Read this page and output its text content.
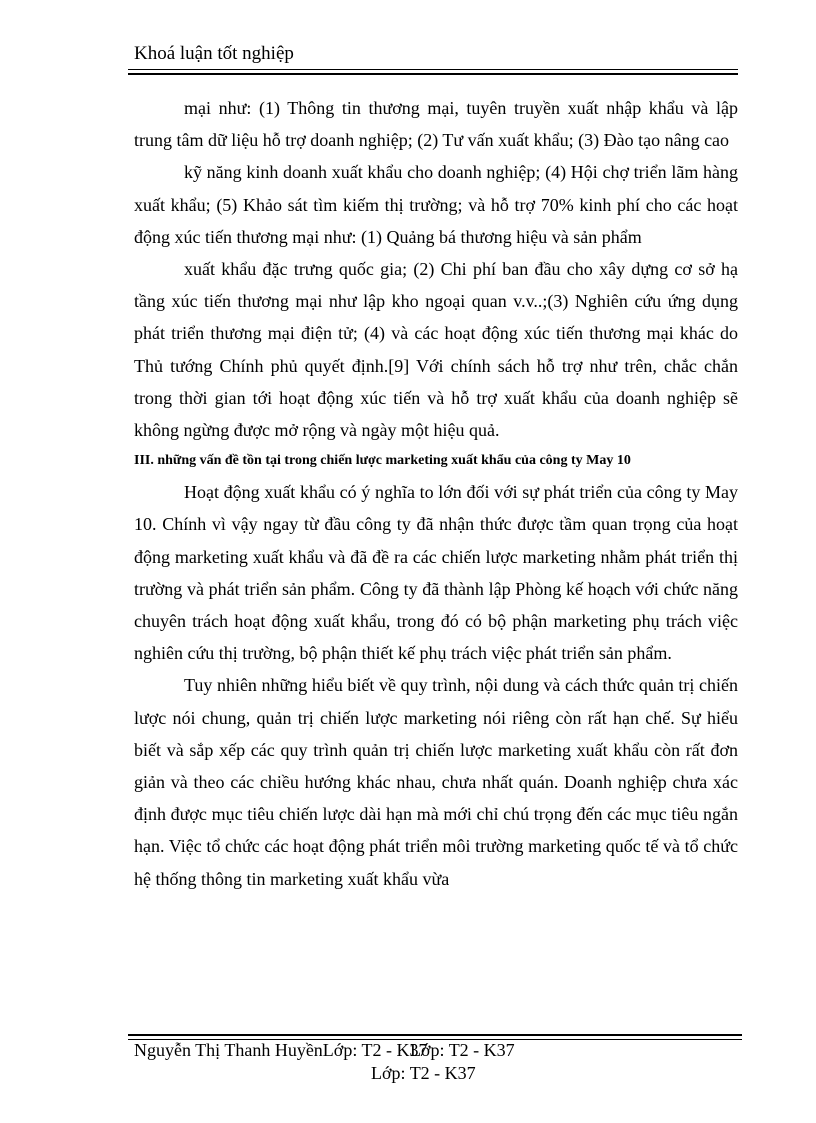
Khoá luận tốt nghiệp

mại như: (1) Thông tin thương mại, tuyên truyền xuất nhập khẩu và lập trung tâm dữ liệu hỗ trợ doanh nghiệp; (2) Tư vấn xuất khẩu; (3) Đào tạo nâng cao

kỹ năng kinh doanh xuất khẩu cho doanh nghiệp; (4) Hội chợ triển lãm hàng xuất khẩu; (5) Khảo sát tìm kiếm thị trường; và hỗ trợ 70% kinh phí cho các hoạt động xúc tiến thương mại như: (1) Quảng bá thương hiệu và sản phẩm

xuất khẩu đặc trưng quốc gia; (2) Chi phí ban đầu cho xây dựng cơ sở hạ tầng xúc tiến thương mại như lập kho ngoại quan v.v..;(3) Nghiên cứu ứng dụng phát triển thương mại điện tử; (4) và các hoạt động xúc tiến thương mại khác do Thủ tướng Chính phủ quyết định.[9] Với chính sách hỗ trợ như trên, chắc chắn trong thời gian tới hoạt động xúc tiến và hỗ trợ xuất khẩu của doanh nghiệp sẽ không ngừng được mở rộng và ngày một hiệu quả.

III. những vấn đề tồn tại trong chiến lược marketing xuất khẩu của công ty May 10

Hoạt động xuất khẩu có ý nghĩa to lớn đối với sự phát triển của công ty May 10. Chính vì vậy ngay từ đầu công ty đã nhận thức được tầm quan trọng của hoạt động marketing xuất khẩu và đã đề ra các chiến lược marketing nhằm phát triển thị trường và phát triển sản phẩm. Công ty đã thành lập Phòng kế hoạch với chức năng chuyên trách hoạt động xuất khẩu, trong đó có bộ phận marketing phụ trách việc nghiên cứu thị trường, bộ phận thiết kế phụ trách việc phát triển sản phẩm.

Tuy nhiên những hiểu biết về quy trình, nội dung và cách thức quản trị chiến lược nói chung, quản trị chiến lược marketing nói riêng còn rất hạn chế. Sự hiểu biết và sắp xếp các quy trình quản trị chiến lược marketing xuất khẩu còn rất đơn giản và theo các chiều hướng khác nhau, chưa nhất quán. Doanh nghiệp chưa xác định được mục tiêu chiến lược dài hạn mà mới chỉ chú trọng đến các mục tiêu ngắn hạn. Việc tổ chức các hoạt động phát triển môi trường marketing quốc tế và tổ chức hệ thống thông tin marketing xuất khẩu vừa

Nguyễn Thị Thanh HuyềnLớp: T2 - K37
Lớp: T2 - K37
Lớp: T2 - K37
